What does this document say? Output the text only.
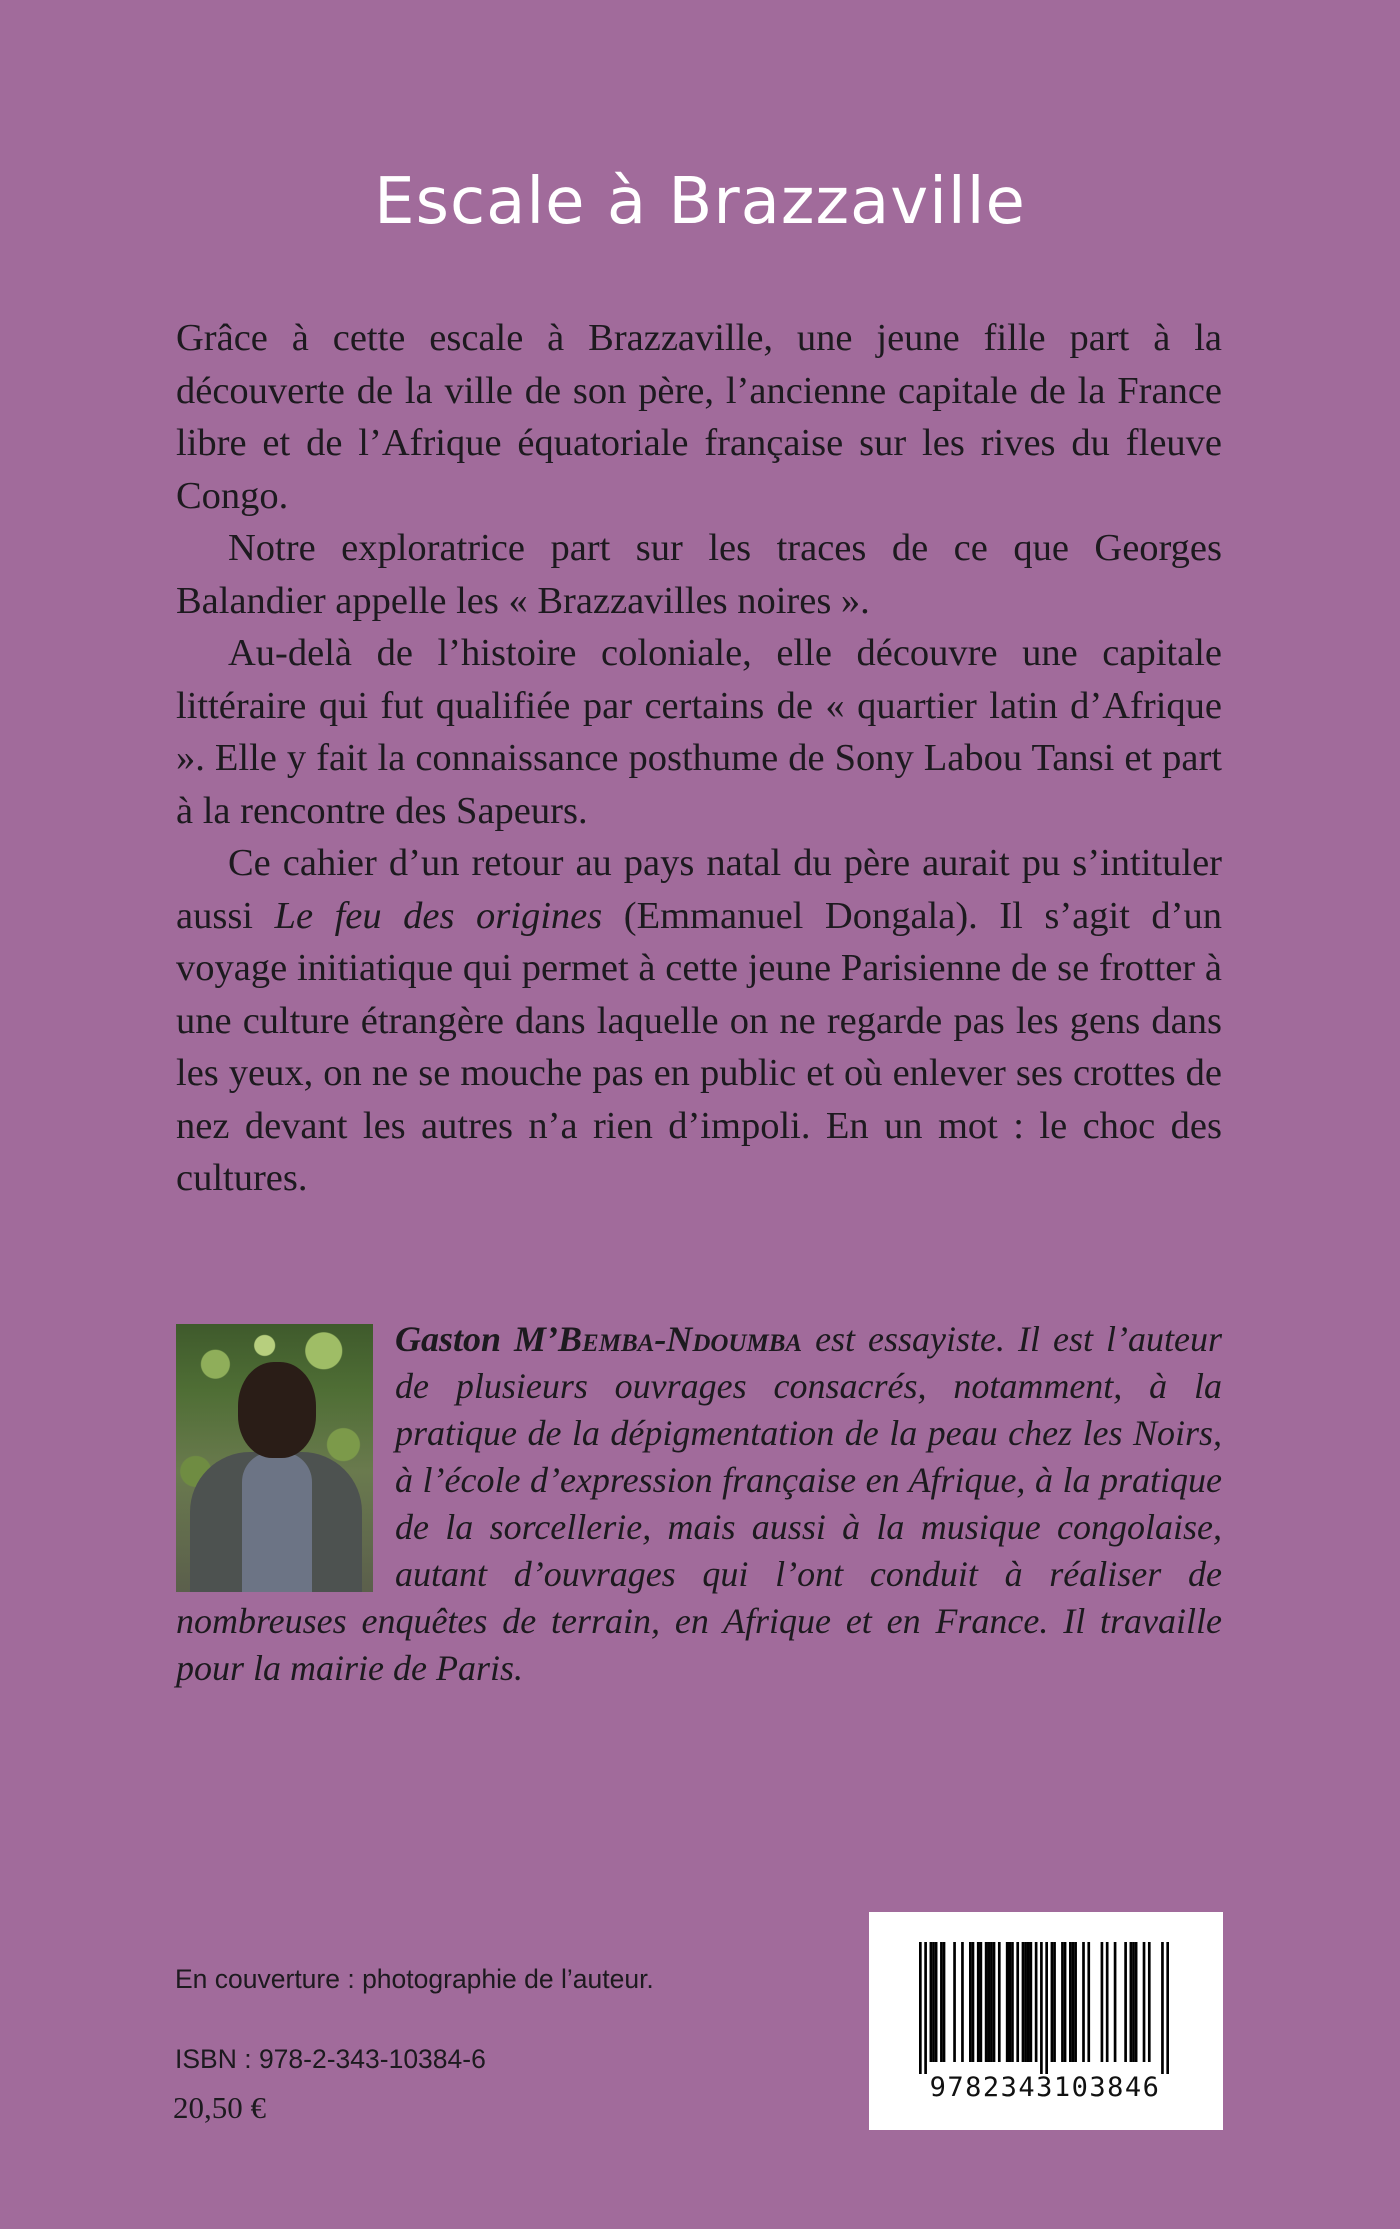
Escale à Brazzaville

Grâce à cette escale à Brazzaville, une jeune fille part à la découverte de la ville de son père, l’ancienne capitale de la France libre et de l’Afrique équatoriale française sur les rives du fleuve Congo.

Notre exploratrice part sur les traces de ce que Georges Balandier appelle les « Brazzavilles noires ».

Au-delà de l’histoire coloniale, elle découvre une capitale littéraire qui fut qualifiée par certains de « quartier latin d’Afrique ». Elle y fait la connaissance posthume de Sony Labou Tansi et part à la rencontre des Sapeurs.

Ce cahier d’un retour au pays natal du père aurait pu s’intituler aussi Le feu des origines (Emmanuel Dongala). Il s’agit d’un voyage initiatique qui permet à cette jeune Parisienne de se frotter à une culture étrangère dans laquelle on ne regarde pas les gens dans les yeux, on ne se mouche pas en public et où enlever ses crottes de nez devant les autres n’a rien d’impoli. En un mot : le choc des cultures.

Gaston M’Bemba-Ndoumba est essayiste. Il est l’auteur de plusieurs ouvrages consacrés, notamment, à la pratique de la dépigmentation de la peau chez les Noirs, à l’école d’expression française en Afrique, à la pratique de la sorcellerie, mais aussi à la musique congolaise, autant d’ouvrages qui l’ont conduit à réaliser de nombreuses enquêtes de terrain, en Afrique et en France. Il travaille pour la mairie de Paris.

En couverture : photographie de l’auteur.
ISBN : 978-2-343-10384-6
20,50 €
9782343103846
